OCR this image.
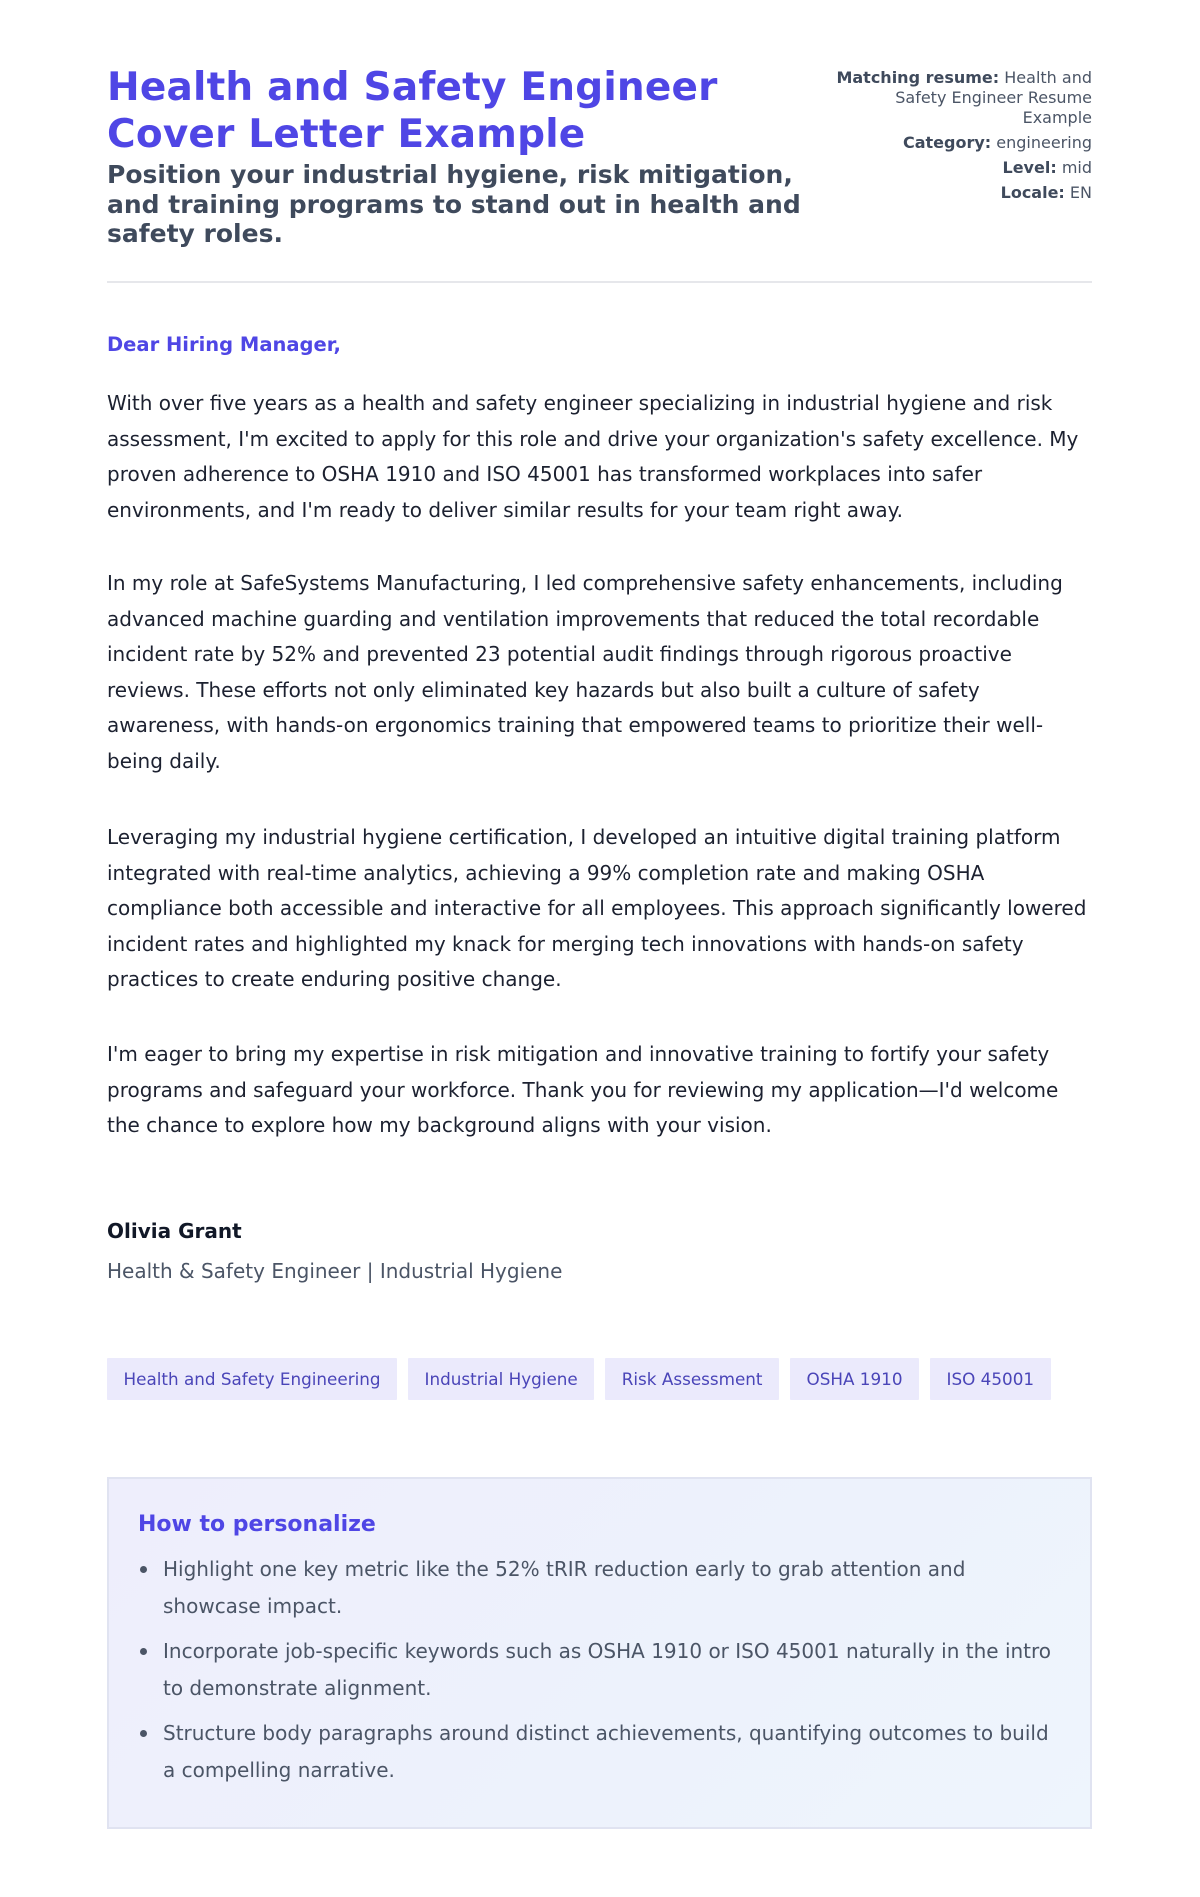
Health and Safety Engineer Cover Letter Example

Position your industrial hygiene, risk mitigation, and training programs to stand out in health and safety roles.

Matching resume: Health and Safety Engineer Resume Example
Category: engineering
Level: mid
Locale: EN

Dear Hiring Manager,

With over five years as a health and safety engineer specializing in industrial hygiene and risk assessment, I'm excited to apply for this role and drive your organization's safety excellence. My proven adherence to OSHA 1910 and ISO 45001 has transformed workplaces into safer environments, and I'm ready to deliver similar results for your team right away.

In my role at SafeSystems Manufacturing, I led comprehensive safety enhancements, including advanced machine guarding and ventilation improvements that reduced the total recordable incident rate by 52% and prevented 23 potential audit findings through rigorous proactive reviews. These efforts not only eliminated key hazards but also built a culture of safety awareness, with hands-on ergonomics training that empowered teams to prioritize their well-being daily.

Leveraging my industrial hygiene certification, I developed an intuitive digital training platform integrated with real-time analytics, achieving a 99% completion rate and making OSHA compliance both accessible and interactive for all employees. This approach significantly lowered incident rates and highlighted my knack for merging tech innovations with hands-on safety practices to create enduring positive change.

I'm eager to bring my expertise in risk mitigation and innovative training to fortify your safety programs and safeguard your workforce. Thank you for reviewing my application—I'd welcome the chance to explore how my background aligns with your vision.

Olivia Grant

Health & Safety Engineer | Industrial Hygiene

Health and Safety Engineering	Industrial Hygiene	Risk Assessment	OSHA 1910	ISO 45001
How to personalize
Highlight one key metric like the 52% tRIR reduction early to grab attention and showcase impact.
Incorporate job-specific keywords such as OSHA 1910 or ISO 45001 naturally in the intro to demonstrate alignment.
Structure body paragraphs around distinct achievements, quantifying outcomes to build a compelling narrative.
